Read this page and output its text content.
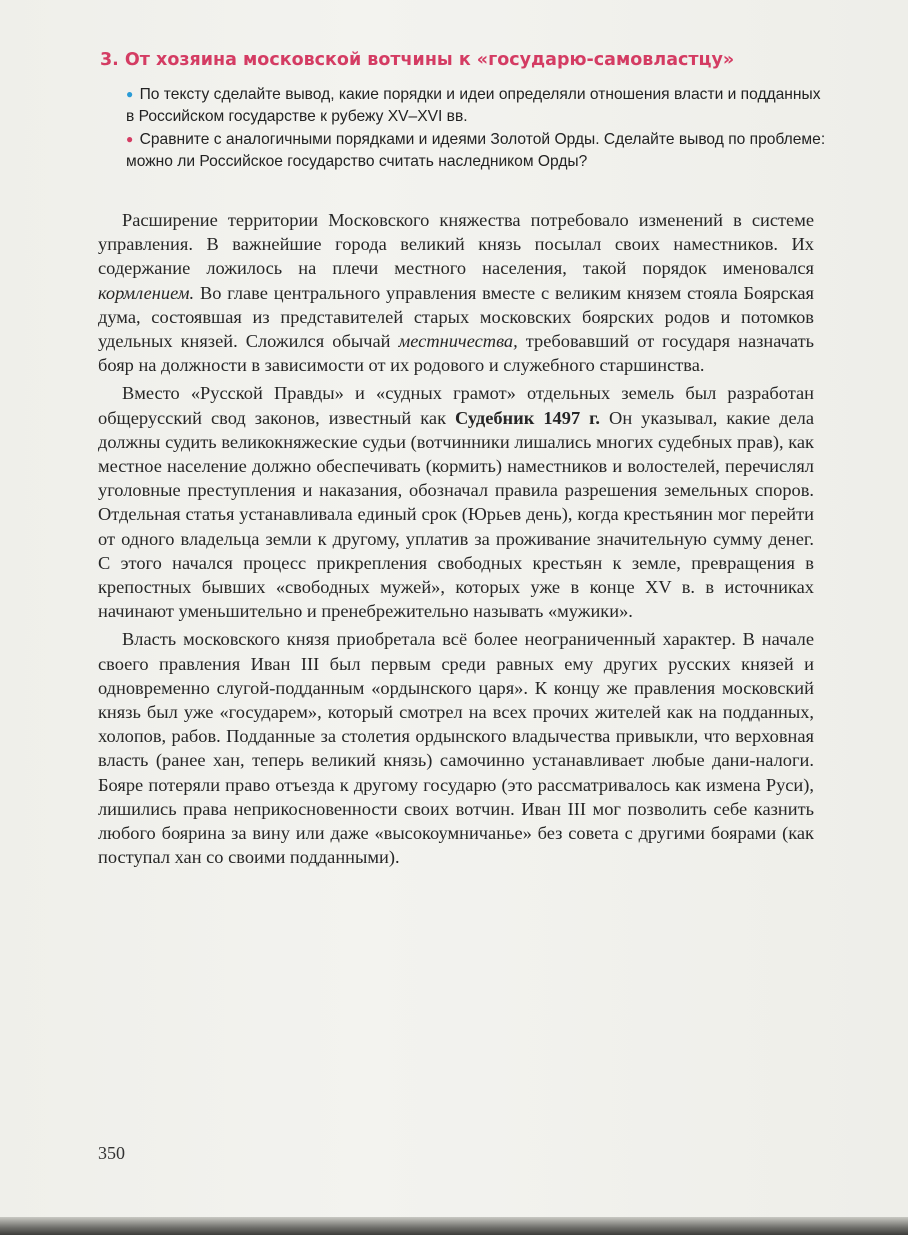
3. От хозяина московской вотчины к «государю-самовластцу»

● По тексту сделайте вывод, какие порядки и идеи определяли отношения власти и подданных в Российском государстве к рубежу XV–XVI вв.

● Сравните с аналогичными порядками и идеями Золотой Орды. Сделайте вывод по проблеме: можно ли Российское государство считать наследником Орды?

Расширение территории Московского княжества потребовало изменений в системе управления. В важнейшие города великий князь посылал своих наместников. Их содержание ложилось на плечи местного населения, такой порядок именовался кормлением. Во главе центрального управления вместе с великим князем стояла Боярская дума, состоявшая из представителей старых московских боярских родов и потомков удельных князей. Сложился обычай местничества, требовавший от государя назначать бояр на должности в зависимости от их родового и служебного старшинства.

Вместо «Русской Правды» и «судных грамот» отдельных земель был разработан общерусский свод законов, известный как Судебник 1497 г. Он указывал, какие дела должны судить великокняжеские судьи (вотчинники лишались многих судебных прав), как местное население должно обеспечивать (кормить) наместников и волостелей, перечислял уголовные преступления и наказания, обозначал правила разрешения земельных споров. Отдельная статья устанавливала единый срок (Юрьев день), когда крестьянин мог перейти от одного владельца земли к другому, уплатив за проживание значительную сумму денег. С этого начался процесс прикрепления свободных крестьян к земле, превращения в крепостных бывших «свободных мужей», которых уже в конце XV в. в источниках начинают уменьшительно и пренебрежительно называть «мужики».

Власть московского князя приобретала всё более неограниченный характер. В начале своего правления Иван III был первым среди равных ему других русских князей и одновременно слугой-подданным «ордынского царя». К концу же правления московский князь был уже «государем», который смотрел на всех прочих жителей как на подданных, холопов, рабов. Подданные за столетия ордынского владычества привыкли, что верховная власть (ранее хан, теперь великий князь) самочинно устанавливает любые дани-налоги. Бояре потеряли право отъезда к другому государю (это рассматривалось как измена Руси), лишились права неприкосновенности своих вотчин. Иван III мог позволить себе казнить любого боярина за вину или даже «высокоумничанье» без совета с другими боярами (как поступал хан со своими подданными).

350
